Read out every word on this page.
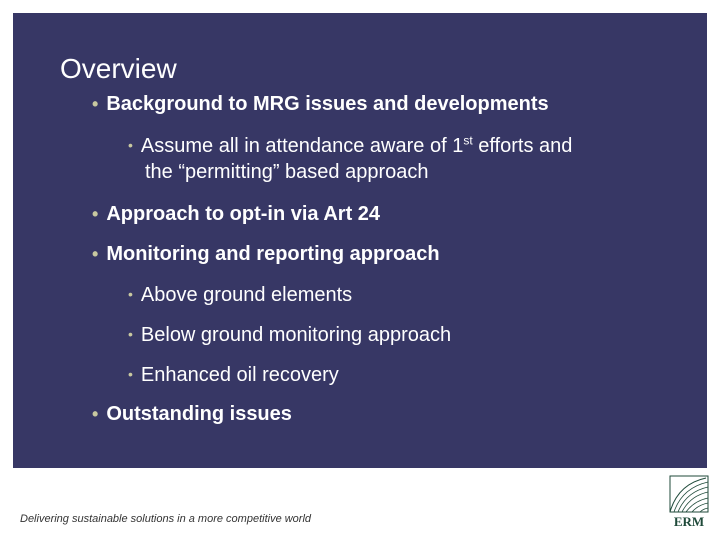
Overview
• Background to MRG issues and developments
• Assume all in attendance aware of 1st efforts and
the “permitting” based approach
• Approach to opt-in via Art 24
• Monitoring and reporting approach
• Above ground elements
• Below ground monitoring approach
• Enhanced oil recovery
• Outstanding issues
Delivering sustainable solutions in a more competitive world	ERM
